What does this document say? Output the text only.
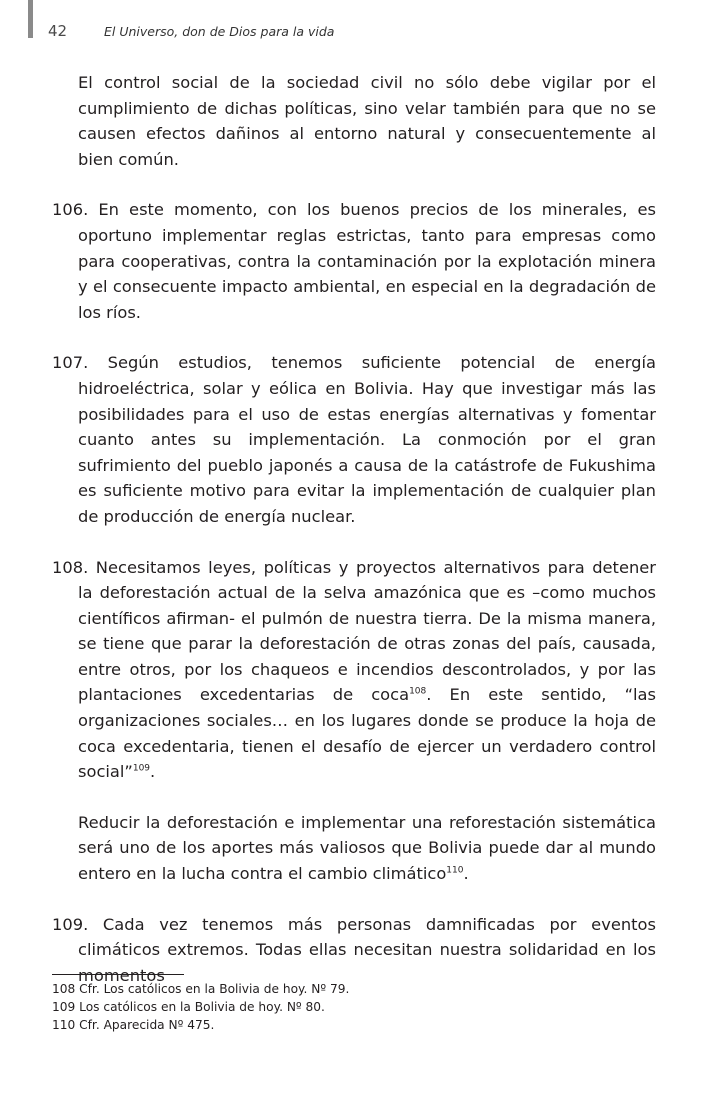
42	El Universo, don de Dios para la vida

El control social de la sociedad civil no sólo debe vigilar por el cumplimiento de dichas políticas, sino velar también para que no se causen efectos dañinos al entorno natural y consecuentemente al bien común.

106. En este momento, con los buenos precios de los minerales, es oportuno implementar reglas estrictas, tanto para empresas como para cooperativas, contra la contaminación por la explotación minera y el consecuente impacto ambiental, en especial en la degradación de los ríos.

107. Según estudios, tenemos suficiente potencial de energía hidroeléctrica, solar y eólica en Bolivia. Hay que investigar más las posibilidades para el uso de estas energías alternativas y fomentar cuanto antes su implementación. La conmoción por el gran sufrimiento del pueblo japonés a causa de la catástrofe de Fukushima es suficiente motivo para evitar la implementación de cualquier plan de producción de energía nuclear.

108. Necesitamos leyes, políticas y proyectos alternativos para detener la deforestación actual de la selva amazónica que es –como muchos científicos afirman- el pulmón de nuestra tierra. De la misma manera, se tiene que parar la deforestación de otras zonas del país, causada, entre otros, por los chaqueos e incendios descontrolados, y por las plantaciones excedentarias de coca$^{108}$. En este sentido, “las organizaciones sociales… en los lugares donde se produce la hoja de coca excedentaria, tienen el desafío de ejercer un verdadero control social”$^{109}$.

Reducir la deforestación e implementar una reforestación sistemática será uno de los aportes más valiosos que Bolivia puede dar al mundo entero en la lucha contra el cambio climático$^{110}$.

109. Cada vez tenemos más personas damnificadas por eventos climáticos extremos. Todas ellas necesitan nuestra solidaridad en los momentos

108 Cfr. Los católicos en la Bolivia de hoy. Nº 79.

109 Los católicos en la Bolivia de hoy. Nº 80.

110 Cfr. Aparecida Nº 475.
